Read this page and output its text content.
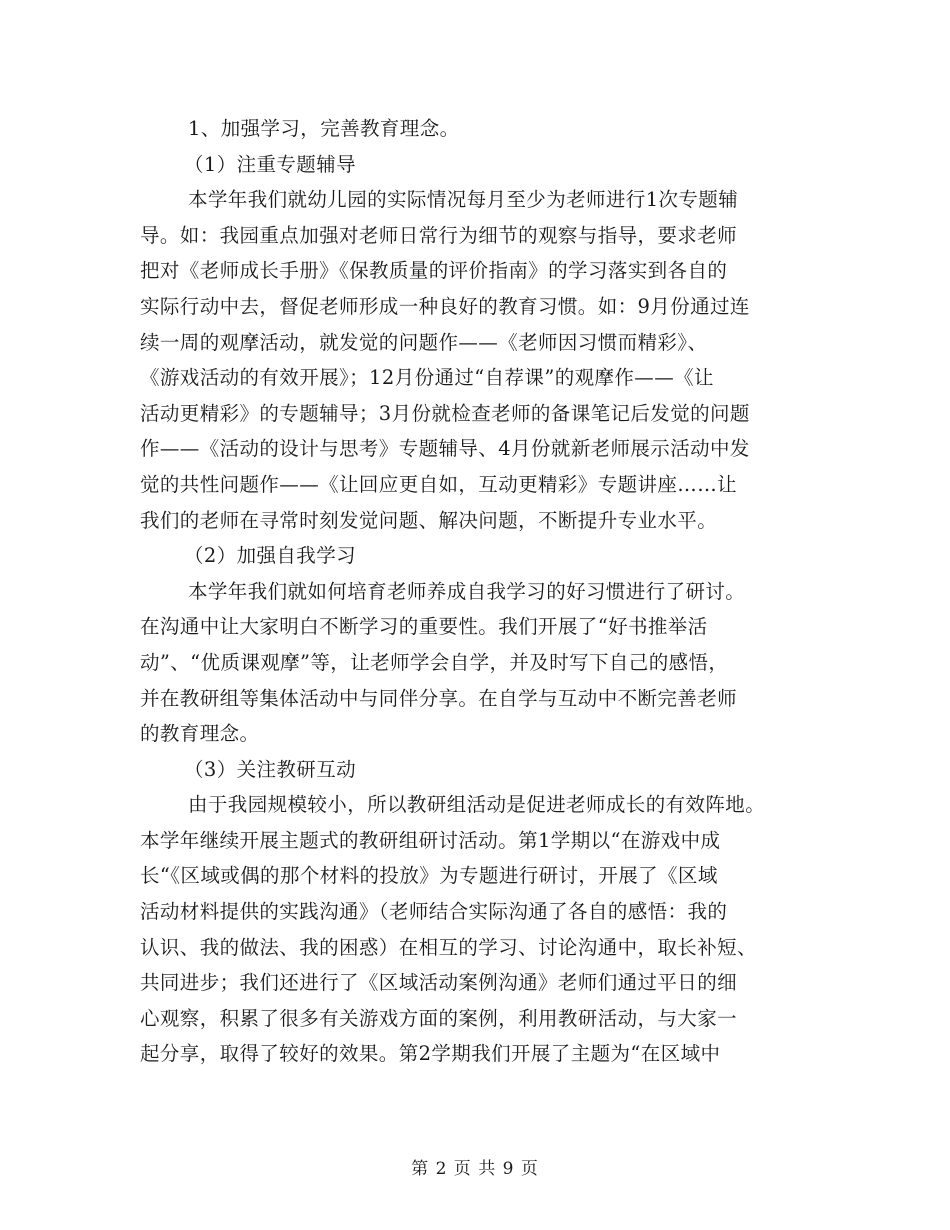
1、加强学习，完善教育理念。
（1）注重专题辅导
本学年我们就幼儿园的实际情况每月至少为老师进行1次专题辅
导。如：我园重点加强对老师日常行为细节的观察与指导，要求老师
把对《老师成长手册》《保教质量的评价指南》的学习落实到各自的
实际行动中去，督促老师形成一种良好的教育习惯。如：9月份通过连
续一周的观摩活动，就发觉的问题作——《老师因习惯而精彩》、
《游戏活动的有效开展》；12月份通过“自荐课”的观摩作——《让
活动更精彩》的专题辅导；3月份就检查老师的备课笔记后发觉的问题
作——《活动的设计与思考》专题辅导、4月份就新老师展示活动中发
觉的共性问题作——《让回应更自如，互动更精彩》专题讲座……让
我们的老师在寻常时刻发觉问题、解决问题，不断提升专业水平。
（2）加强自我学习
本学年我们就如何培育老师养成自我学习的好习惯进行了研讨。
在沟通中让大家明白不断学习的重要性。我们开展了“好书推举活
动”、“优质课观摩”等，让老师学会自学，并及时写下自己的感悟，
并在教研组等集体活动中与同伴分享。在自学与互动中不断完善老师
的教育理念。
（3）关注教研互动
由于我园规模较小，所以教研组活动是促进老师成长的有效阵地。
本学年继续开展主题式的教研组研讨活动。第1学期以“在游戏中成
长“《区域或偶的那个材料的投放》为专题进行研讨，开展了《区域
活动材料提供的实践沟通》（老师结合实际沟通了各自的感悟：我的
认识、我的做法、我的困惑）在相互的学习、讨论沟通中，取长补短、
共同进步；我们还进行了《区域活动案例沟通》老师们通过平日的细
心观察，积累了很多有关游戏方面的案例，利用教研活动，与大家一
起分享，取得了较好的效果。第2学期我们开展了主题为“在区域中
第 2 页 共 9 页
